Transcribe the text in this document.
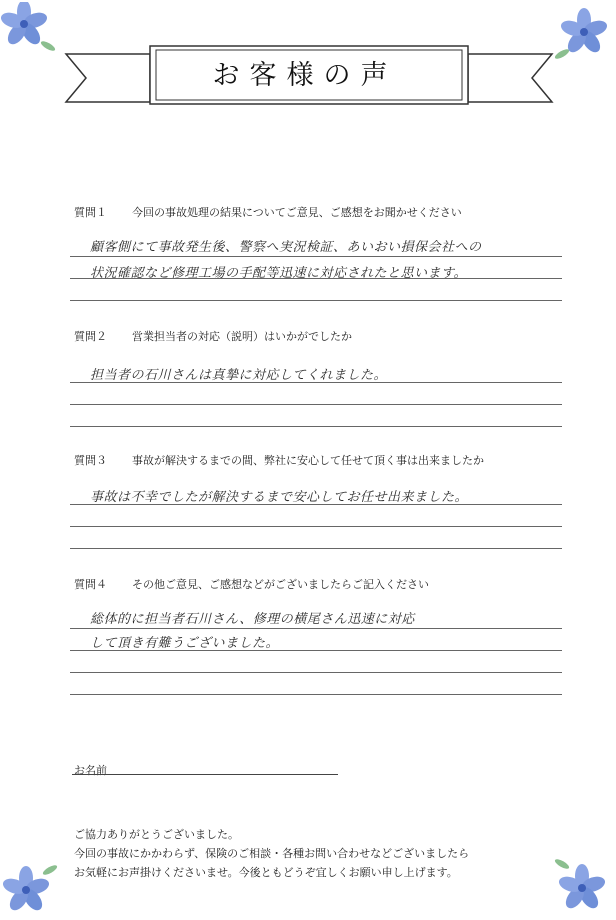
お客様の声
質問１	今回の事故処理の結果についてご意見、ご感想をお聞かせください
顧客側にて事故発生後、警察へ実況検証、あいおい損保会社への
状況確認など修理工場の手配等迅速に対応されたと思います。
質問２	営業担当者の対応（説明）はいかがでしたか
担当者の石川さんは真摯に対応してくれました。
質問３	事故が解決するまでの間、弊社に安心して任せて頂く事は出来ましたか
事故は不幸でしたが解決するまで安心してお任せ出来ました。
質問４	その他ご意見、ご感想などがございましたらご記入ください
総体的に担当者石川さん、修理の横尾さん迅速に対応
して頂き有難うございました。
お名前
ご協力ありがとうございました。
今回の事故にかかわらず、保険のご相談・各種お問い合わせなどございましたら
お気軽にお声掛けくださいませ。今後ともどうぞ宜しくお願い申し上げます。
